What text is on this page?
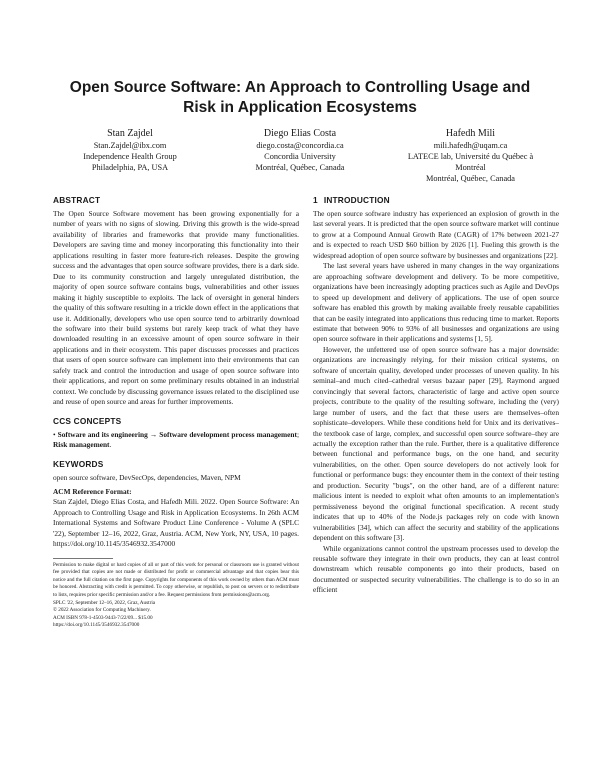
Open Source Software: An Approach to Controlling Usage and
Risk in Application Ecosystems
Stan Zajdel
Stan.Zajdel@ibx.com
Independence Health Group
Philadelphia, PA, USA
Diego Elias Costa
diego.costa@concordia.ca
Concordia University
Montréal, Québec, Canada
Hafedh Mili
mili.hafedh@uqam.ca
LATECE lab, Université du Québec à
Montréal
Montréal, Québec, Canada
ABSTRACT

The Open Source Software movement has been growing exponentially for a number of years with no signs of slowing. Driving this growth is the wide-spread availability of libraries and frameworks that provide many functionalities. Developers are saving time and money incorporating this functionality into their applications resulting in faster more feature-rich releases. Despite the growing success and the advantages that open source software provides, there is a dark side. Due to its community construction and largely unregulated distribution, the majority of open source software contains bugs, vulnerabilities and other issues making it highly susceptible to exploits. The lack of oversight in general hinders the quality of this software resulting in a trickle down effect in the applications that use it. Additionally, developers who use open source tend to arbitrarily download the software into their build systems but rarely keep track of what they have downloaded resulting in an excessive amount of open source software in their applications and in their ecosystem. This paper discusses processes and practices that users of open source software can implement into their environments that can safely track and control the introduction and usage of open source software into their applications, and report on some preliminary results obtained in an industrial context. We conclude by discussing governance issues related to the disciplined use and reuse of open source and areas for further improvements.

CCS CONCEPTS

• Software and its engineering → Software development process management; Risk management.

KEYWORDS

open source software, DevSecOps, dependencies, Maven, NPM

ACM Reference Format:

Stan Zajdel, Diego Elias Costa, and Hafedh Mili. 2022. Open Source Software: An Approach to Controlling Usage and Risk in Application Ecosystems. In 26th ACM International Systems and Software Product Line Conference - Volume A (SPLC '22), September 12–16, 2022, Graz, Austria. ACM, New York, NY, USA, 10 pages. https://doi.org/10.1145/3546932.3547000

Permission to make digital or hard copies of all or part of this work for personal or classroom use is granted without fee provided that copies are not made or distributed for profit or commercial advantage and that copies bear this notice and the full citation on the first page. Copyrights for components of this work owned by others than ACM must be honored. Abstracting with credit is permitted. To copy otherwise, or republish, to post on servers or to redistribute to lists, requires prior specific permission and/or a fee. Request permissions from permissions@acm.org.

SPLC '22, September 12–16, 2022, Graz, Austria

© 2022 Association for Computing Machinery.

ACM ISBN 978-1-4503-9443-7/22/09... $15.00

https://doi.org/10.1145/3546932.3547000

1 INTRODUCTION

The open source software industry has experienced an explosion of growth in the last several years. It is predicted that the open source software market will continue to grow at a Compound Annual Growth Rate (CAGR) of 17% between 2021-27 and is expected to reach USD $60 billion by 2026 [1]. Fueling this growth is the widespread adoption of open source software by businesses and organizations [22].

The last several years have ushered in many changes in the way organizations are approaching software development and delivery. To be more competitive, organizations have been increasingly adopting practices such as Agile and DevOps to speed up development and delivery of applications. The use of open source software has enabled this growth by making available freely reusable capabilities that can be easily integrated into applications thus reducing time to market. Reports estimate that between 90% to 93% of all businesses and organizations are using open source software in their applications and systems [1, 5].

However, the unfettered use of open source software has a major downside: organizations are increasingly relying, for their mission critical systems, on software of uncertain quality, developed under processes of uneven quality. In his seminal–and much cited–cathedral versus bazaar paper [29], Raymond argued convincingly that several factors, characteristic of large and active open source projects, contribute to the quality of the resulting software, including the (very) large number of users, and the fact that these users are themselves–often sophisticate–developers. While these conditions held for Unix and its derivatives–the textbook case of large, complex, and successful open source software–they are actually the exception rather than the rule. Further, there is a qualitative difference between functional and performance bugs, on the one hand, and security vulnerabilities, on the other. Open source developers do not actively look for functional or performance bugs: they encounter them in the context of their testing and production. Security "bugs", on the other hand, are of a different nature: malicious intent is needed to exploit what often amounts to an implementation's permissiveness beyond the original functional specification. A recent study indicates that up to 40% of the Node.js packages rely on code with known vulnerabilities [34], which can affect the security and stability of the applications dependent on this software [3].

While organizations cannot control the upstream processes used to develop the reusable software they integrate in their own products, they can at least control downstream which reusable components go into their products, based on documented or suspected security vulnerabilities. The challenge is to do so in an efficient
